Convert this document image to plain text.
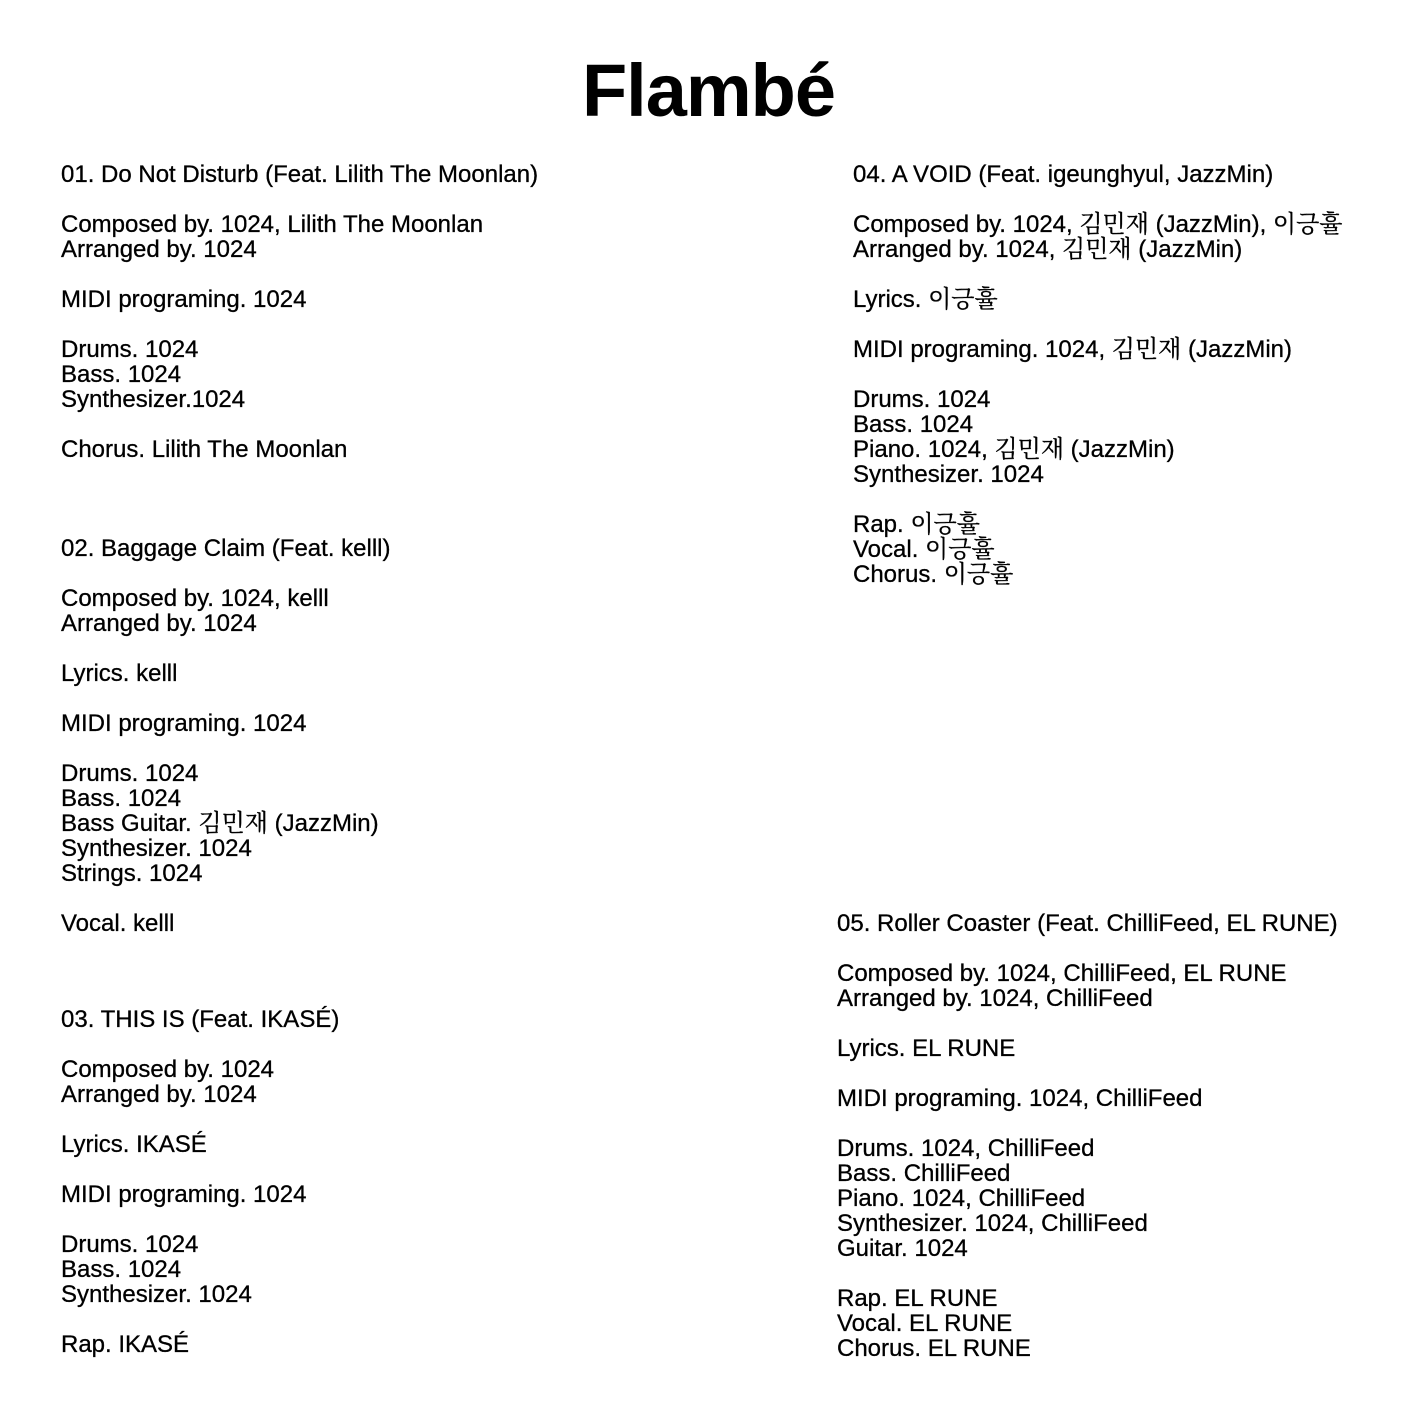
Flambé
01. Do Not Disturb (Feat. Lilith The Moonlan)
Composed by. 1024, Lilith The Moonlan
Arranged by. 1024
MIDI programing. 1024
Drums. 1024
Bass. 1024
Synthesizer.1024
Chorus. Lilith The Moonlan
02. Baggage Claim (Feat. kelll)
Composed by. 1024, kelll
Arranged by. 1024
Lyrics. kelll
MIDI programing. 1024
Drums. 1024
Bass. 1024
Bass Guitar. 김민재 (JazzMin)
Synthesizer. 1024
Strings. 1024
Vocal. kelll
03. THIS IS (Feat. IKASÉ)
Composed by. 1024
Arranged by. 1024
Lyrics. IKASÉ
MIDI programing. 1024
Drums. 1024
Bass. 1024
Synthesizer. 1024
Rap. IKASÉ
04. A VOID (Feat. igeunghyul, JazzMin)
Composed by. 1024, 김민재 (JazzMin), 이긍휼
Arranged by. 1024, 김민재 (JazzMin)
Lyrics. 이긍휼
MIDI programing. 1024, 김민재 (JazzMin)
Drums. 1024
Bass. 1024
Piano. 1024, 김민재 (JazzMin)
Synthesizer. 1024
Rap. 이긍휼
Vocal. 이긍휼
Chorus. 이긍휼
05. Roller Coaster (Feat. ChilliFeed, EL RUNE)
Composed by. 1024, ChilliFeed, EL RUNE
Arranged by. 1024, ChilliFeed
Lyrics. EL RUNE
MIDI programing. 1024, ChilliFeed
Drums. 1024, ChilliFeed
Bass. ChilliFeed
Piano. 1024, ChilliFeed
Synthesizer. 1024, ChilliFeed
Guitar. 1024
Rap. EL RUNE
Vocal. EL RUNE
Chorus. EL RUNE
